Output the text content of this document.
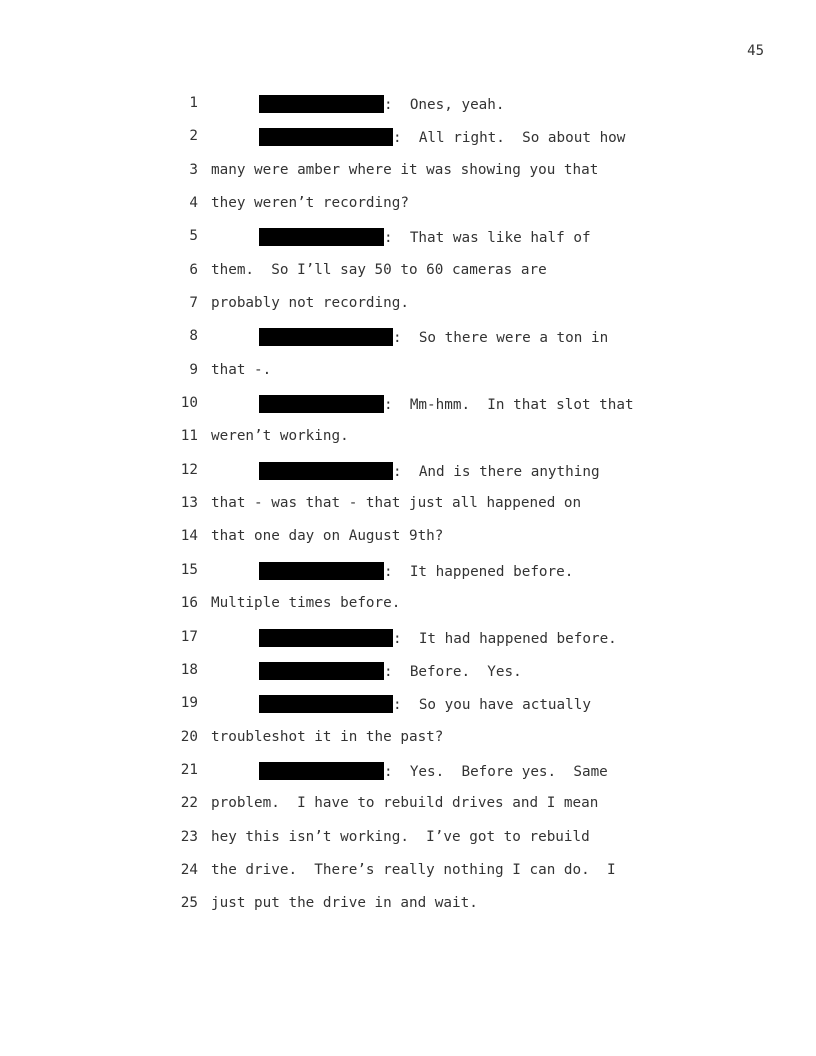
45
1	:  Ones, yeah.
2	:  All right.  So about how
3 many were amber where it was showing you that
4 they weren’t recording?
5	:  That was like half of
6 them.  So I’ll say 50 to 60 cameras are
7 probably not recording.
8	:  So there were a ton in
9 that -.
10	:  Mm-hmm.  In that slot that
11 weren’t working.
12	:  And is there anything
13 that - was that - that just all happened on
14 that one day on August 9th?
15	:  It happened before.
16 Multiple times before.
17	:  It had happened before.
18	:  Before.  Yes.
19	:  So you have actually
20 troubleshot it in the past?
21	:  Yes.  Before yes.  Same
22 problem.  I have to rebuild drives and I mean
23 hey this isn’t working.  I’ve got to rebuild
24 the drive.  There’s really nothing I can do.  I
25 just put the drive in and wait.
